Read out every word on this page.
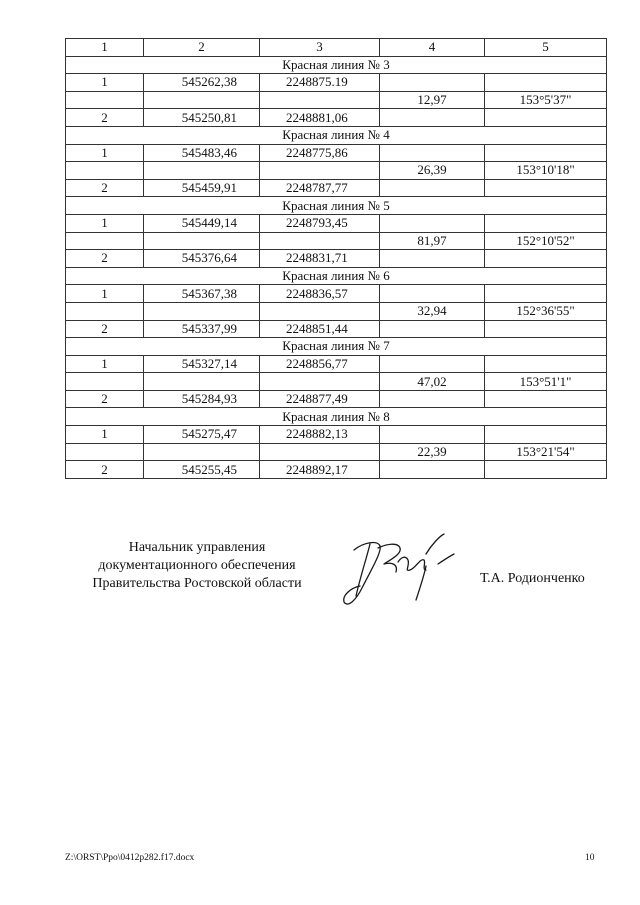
1	2	3	4	5
Красная линия № 3				
1	545262,38	2248875.19		
			12,97	153°5'37"
2	545250,81	2248881,06		
Красная линия № 4				
1	545483,46	2248775,86		
			26,39	153°10'18"
2	545459,91	2248787,77		
Красная линия № 5				
1	545449,14	2248793,45		
			81,97	152°10'52"
2	545376,64	2248831,71		
Красная линия № 6				
1	545367,38	2248836,57		
			32,94	152°36'55"
2	545337,99	2248851,44		
Красная линия № 7				
1	545327,14	2248856,77		
			47,02	153°51'1"
2	545284,93	2248877,49		
Красная линия № 8				
1	545275,47	2248882,13		
			22,39	153°21'54"
2	545255,45	2248892,17		
Начальник управления
документационного обеспечения
Правительства Ростовской области	Т.А. Родионченко
Z:\ORST\Ppo\0412p282.f17.docx	10
